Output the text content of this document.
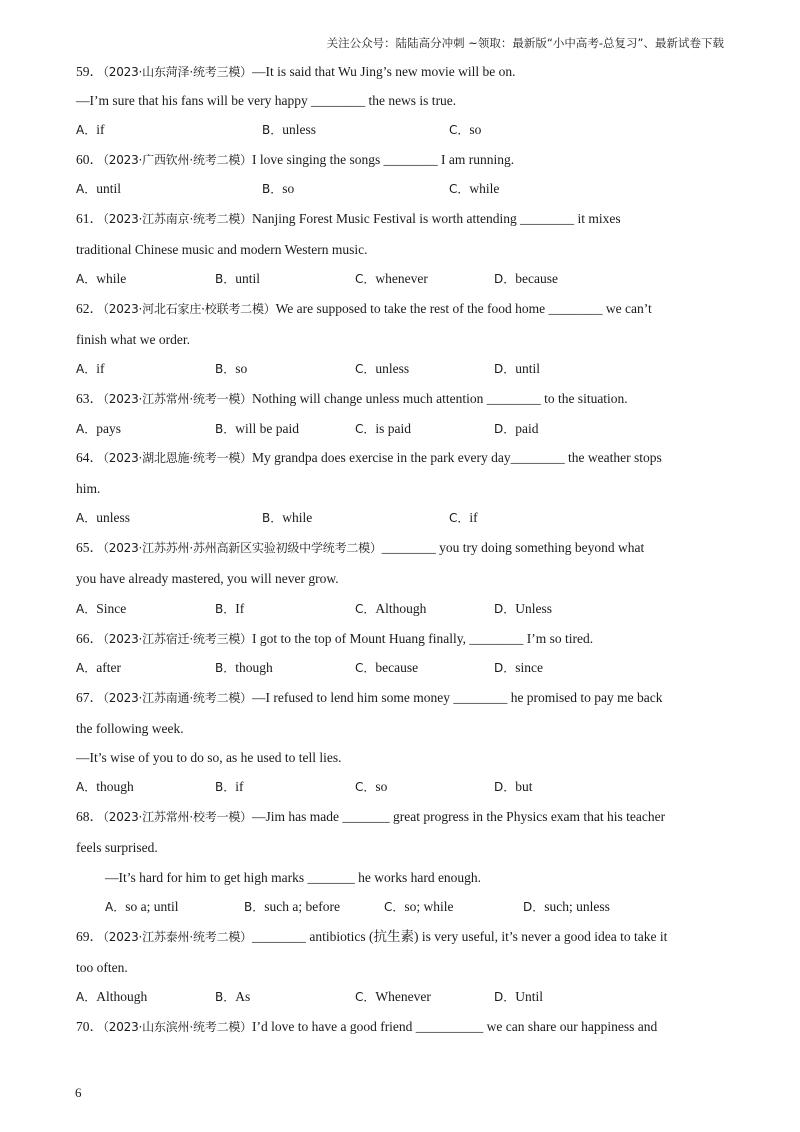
关注公众号：陆陆高分冲刺 ~领取：最新版“小中高考-总复习”、最新试卷下载
59．（2023·山东菏泽·统考三模）—It is said that Wu Jing’s new movie will be on.
—I’m sure that his fans will be very happy ________ the news is true.
A．if	B．unless	C．so
60．（2023·广西钦州·统考二模）I love singing the songs ________ I am running.
A．until	B．so	C．while
61．（2023·江苏南京·统考二模）Nanjing Forest Music Festival is worth attending ________ it mixes
traditional Chinese music and modern Western music.
A．while	B．until	C．whenever	D．because
62．（2023·河北石家庄·校联考二模）We are supposed to take the rest of the food home ________ we can’t
finish what we order.
A．if	B．so	C．unless	D．until
63．（2023·江苏常州·统考一模）Nothing will change unless much attention ________ to the situation.
A．pays	B．will be paid	C．is paid	D．paid
64．（2023·湖北恩施·统考一模）My grandpa does exercise in the park every day________ the weather stops
him.
A．unless	B．while	C．if
65．（2023·江苏苏州·苏州高新区实验初级中学统考二模）________ you try doing something beyond what
you have already mastered, you will never grow.
A．Since	B．If	C．Although	D．Unless
66．（2023·江苏宿迁·统考三模）I got to the top of Mount Huang finally, ________ I’m so tired.
A．after	B．though	C．because	D．since
67．（2023·江苏南通·统考二模）—I refused to lend him some money ________ he promised to pay me back
the following week.
—It’s wise of you to do so, as he used to tell lies.
A．though	B．if	C．so	D．but
68．（2023·江苏常州·校考一模）—Jim has made _______ great progress in the Physics exam that his teacher
feels surprised.
—It’s hard for him to get high marks _______ he works hard enough.
A．so a; until	B．such a; before	C．so; while	D．such; unless
69．（2023·江苏泰州·统考二模）________ antibiotics (抗生素) is very useful, it’s never a good idea to take it
too often.
A．Although	B．As	C．Whenever	D．Until
70．（2023·山东滨州·统考二模）I’d love to have a good friend __________ we can share our happiness and
6
